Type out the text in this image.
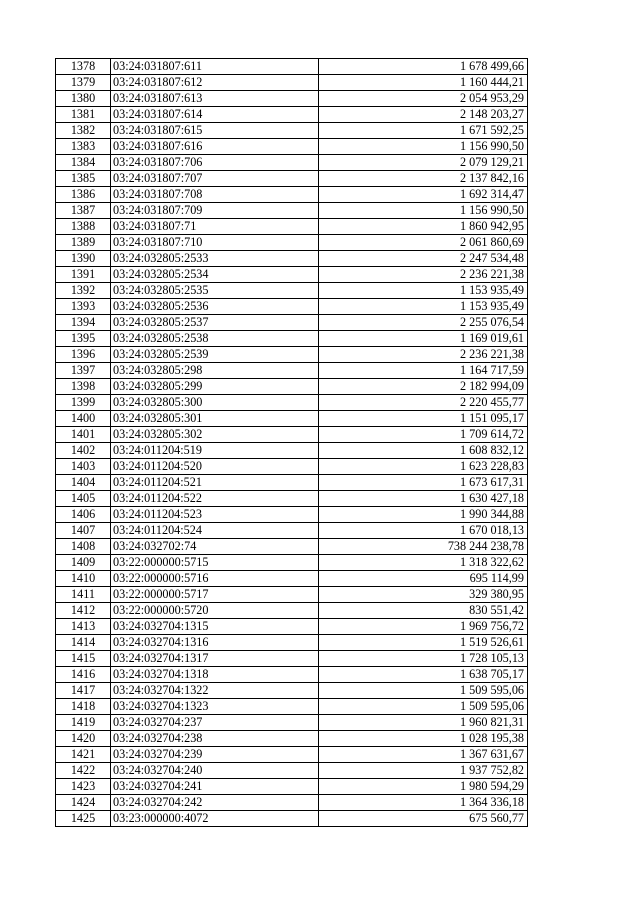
1378	03:24:031807:611	1 678 499,66
1379	03:24:031807:612	1 160 444,21
1380	03:24:031807:613	2 054 953,29
1381	03:24:031807:614	2 148 203,27
1382	03:24:031807:615	1 671 592,25
1383	03:24:031807:616	1 156 990,50
1384	03:24:031807:706	2 079 129,21
1385	03:24:031807:707	2 137 842,16
1386	03:24:031807:708	1 692 314,47
1387	03:24:031807:709	1 156 990,50
1388	03:24:031807:71	1 860 942,95
1389	03:24:031807:710	2 061 860,69
1390	03:24:032805:2533	2 247 534,48
1391	03:24:032805:2534	2 236 221,38
1392	03:24:032805:2535	1 153 935,49
1393	03:24:032805:2536	1 153 935,49
1394	03:24:032805:2537	2 255 076,54
1395	03:24:032805:2538	1 169 019,61
1396	03:24:032805:2539	2 236 221,38
1397	03:24:032805:298	1 164 717,59
1398	03:24:032805:299	2 182 994,09
1399	03:24:032805:300	2 220 455,77
1400	03:24:032805:301	1 151 095,17
1401	03:24:032805:302	1 709 614,72
1402	03:24:011204:519	1 608 832,12
1403	03:24:011204:520	1 623 228,83
1404	03:24:011204:521	1 673 617,31
1405	03:24:011204:522	1 630 427,18
1406	03:24:011204:523	1 990 344,88
1407	03:24:011204:524	1 670 018,13
1408	03:24:032702:74	738 244 238,78
1409	03:22:000000:5715	1 318 322,62
1410	03:22:000000:5716	695 114,99
1411	03:22:000000:5717	329 380,95
1412	03:22:000000:5720	830 551,42
1413	03:24:032704:1315	1 969 756,72
1414	03:24:032704:1316	1 519 526,61
1415	03:24:032704:1317	1 728 105,13
1416	03:24:032704:1318	1 638 705,17
1417	03:24:032704:1322	1 509 595,06
1418	03:24:032704:1323	1 509 595,06
1419	03:24:032704:237	1 960 821,31
1420	03:24:032704:238	1 028 195,38
1421	03:24:032704:239	1 367 631,67
1422	03:24:032704:240	1 937 752,82
1423	03:24:032704:241	1 980 594,29
1424	03:24:032704:242	1 364 336,18
1425	03:23:000000:4072	675 560,77
